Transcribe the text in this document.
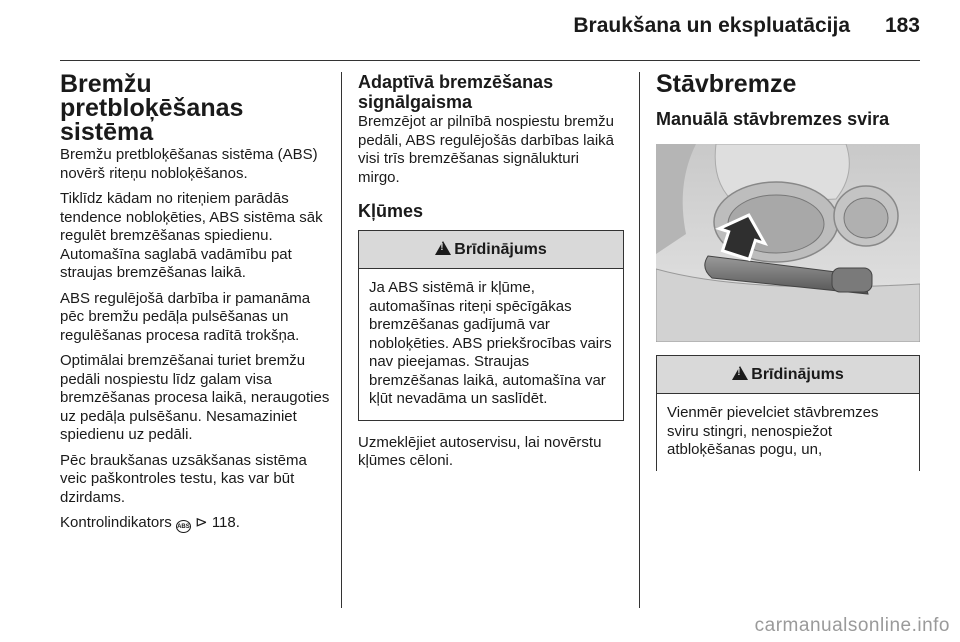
Braukšana un ekspluatācija	183
Bremžu pretbloķēšanas sistēma

Bremžu pretbloķēšanas sistēma (ABS) novērš riteņu nobloķēšanos.

Tiklīdz kādam no riteņiem parādās tendence nobloķēties, ABS sistēma sāk regulēt bremzēšanas spiedienu. Automašīna saglabā vadāmību pat straujas bremzēšanas laikā.

ABS regulējošā darbība ir pamanāma pēc bremžu pedāļa pulsēšanas un regulēšanas procesa radītā trokšņa.

Optimālai bremzēšanai turiet bremžu pedāli nospiestu līdz galam visa bremzēšanas procesa laikā, neraugoties uz pedāļa pulsēšanu. Nesamaziniet spiedienu uz pedāli.

Pēc braukšanas uzsākšanas sistēma veic paškontroles testu, kas var būt dzirdams.

Kontrolindikators ABS ⊳ 118.

Adaptīvā bremzēšanas signālgaisma

Bremzējot ar pilnībā nospiestu bremžu pedāli, ABS regulējošās darbības laikā visi trīs bremzēšanas signālukturi mirgo.

Kļūmes
!Brīdinājums

Ja ABS sistēmā ir kļūme, automašīnas riteņi spēcīgākas bremzēšanas gadījumā var nobloķēties. ABS priekšrocības vairs nav pieejamas. Straujas bremzēšanas laikā, automašīna var kļūt nevadāma un saslīdēt.

Uzmeklējiet autoservisu, lai novērstu kļūmes cēloni.

Stāvbremze
Manuālā stāvbremzes svira
!Brīdinājums

Vienmēr pievelciet stāvbremzes sviru stingri, nenospiežot atbloķēšanas pogu, un,

carmanualsonline.info
